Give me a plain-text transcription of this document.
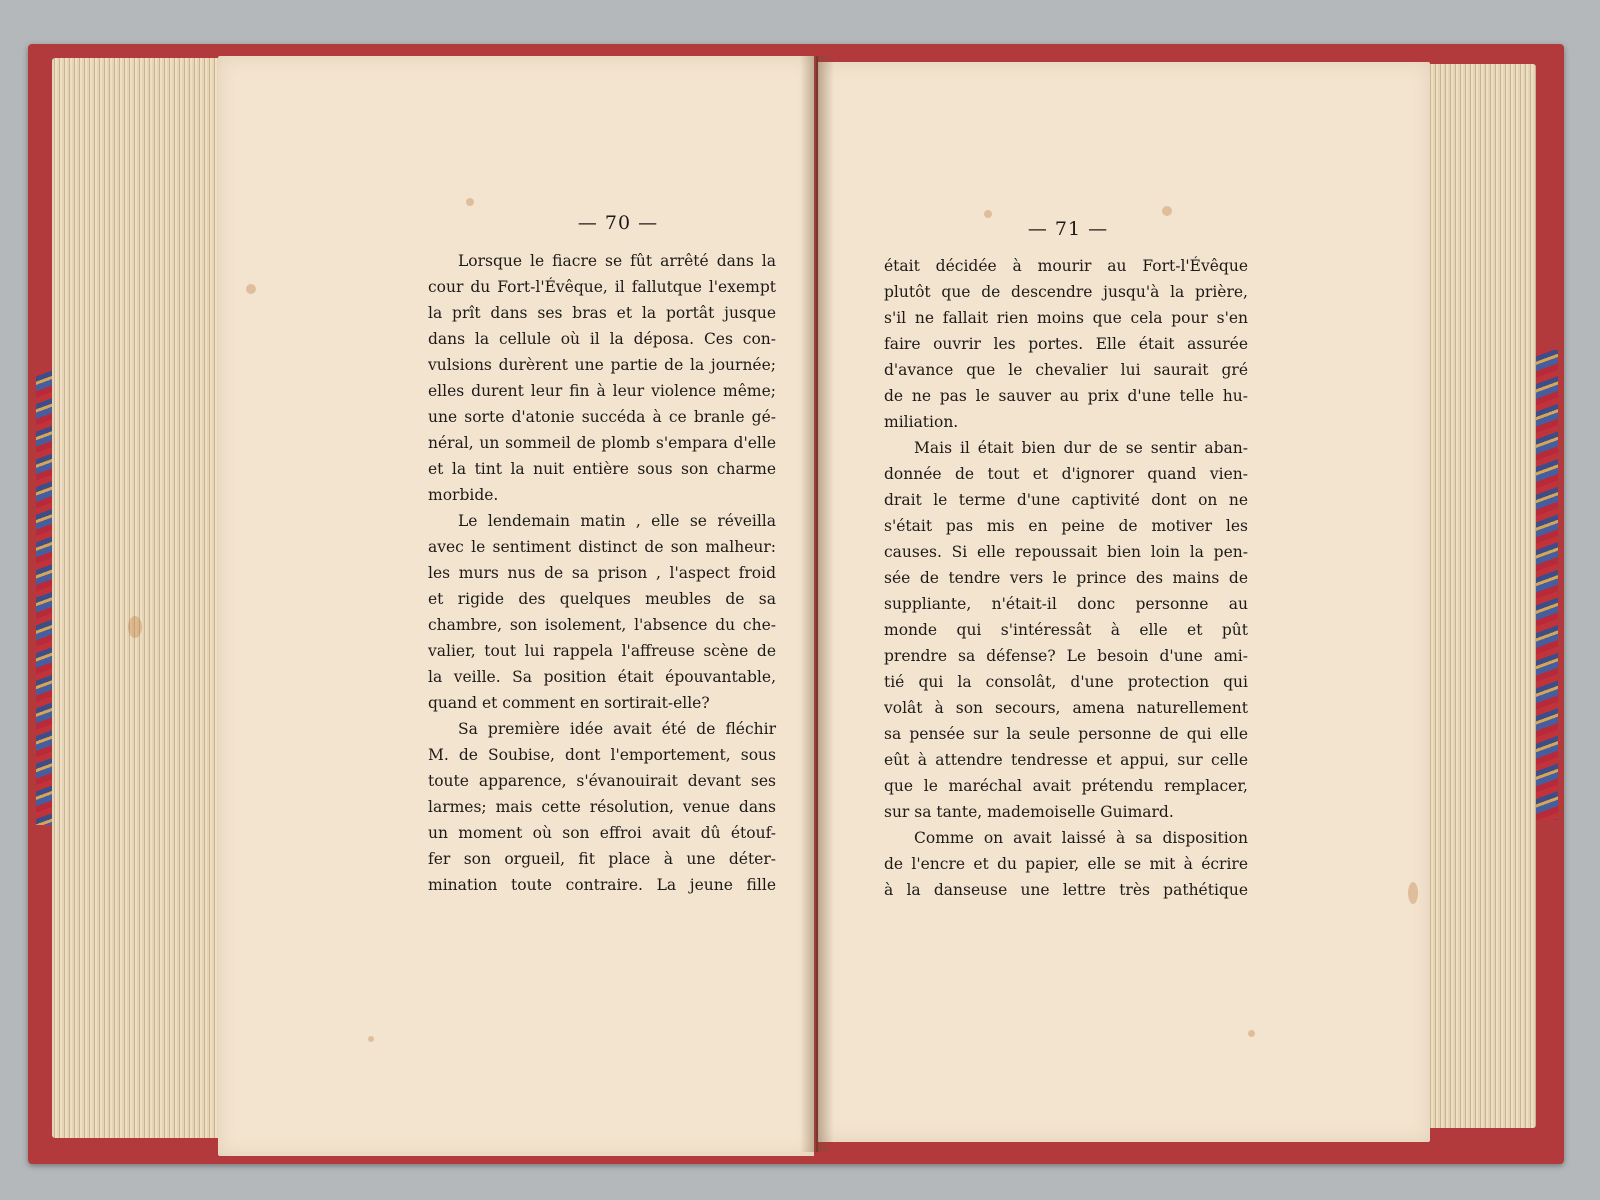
— 70 —	— 71 —
Lorsque le fiacre se fût arrêté dans la
cour du Fort-l'Évêque, il fallutque l'exempt
la prît dans ses bras et la portât jusque
dans la cellule où il la déposa. Ces con-
vulsions durèrent une partie de la journée;
elles durent leur fin à leur violence même;
une sorte d'atonie succéda à ce branle gé-
néral, un sommeil de plomb s'empara d'elle
et la tint la nuit entière sous son charme
morbide.
Le lendemain matin , elle se réveilla
avec le sentiment distinct de son malheur:
les murs nus de sa prison , l'aspect froid
et rigide des quelques meubles de sa
chambre, son isolement, l'absence du che-
valier, tout lui rappela l'affreuse scène de
la veille. Sa position était épouvantable,
quand et comment en sortirait-elle?
Sa première idée avait été de fléchir
M. de Soubise, dont l'emportement, sous
toute apparence, s'évanouirait devant ses
larmes; mais cette résolution, venue dans
un moment où son effroi avait dû étouf-
fer son orgueil, fit place à une déter-
mination toute contraire. La jeune fille
était décidée à mourir au Fort-l'Évêque
plutôt que de descendre jusqu'à la prière,
s'il ne fallait rien moins que cela pour s'en
faire ouvrir les portes. Elle était assurée
d'avance que le chevalier lui saurait gré
de ne pas le sauver au prix d'une telle hu-
miliation.
Mais il était bien dur de se sentir aban-
donnée de tout et d'ignorer quand vien-
drait le terme d'une captivité dont on ne
s'était pas mis en peine de motiver les
causes. Si elle repoussait bien loin la pen-
sée de tendre vers le prince des mains de
suppliante, n'était-il donc personne au
monde qui s'intéressât à elle et pût
prendre sa défense? Le besoin d'une ami-
tié qui la consolât, d'une protection qui
volât à son secours, amena naturellement
sa pensée sur la seule personne de qui elle
eût à attendre tendresse et appui, sur celle
que le maréchal avait prétendu remplacer,
sur sa tante, mademoiselle Guimard.
Comme on avait laissé à sa disposition
de l'encre et du papier, elle se mit à écrire
à la danseuse une lettre très pathétique
